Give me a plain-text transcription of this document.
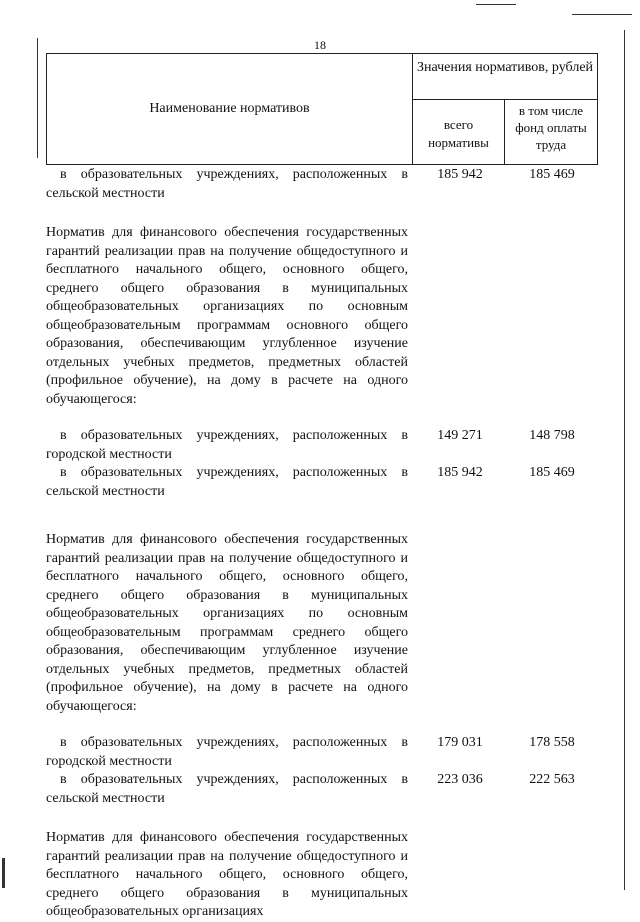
18
Наименование нормативов
Значения нормативов, рублей
всего нормативы
в том числе фонд оплаты труда
в образовательных учреждениях, расположенных в сельской местности
185 942	185 469
Норматив для финансового обеспечения государственных гарантий реализации прав на получение общедоступного и бесплатного начального общего, основного общего, среднего общего образования в муниципальных общеобразовательных организациях по основным общеобразовательным программам основного общего образования, обеспечивающим углубленное изучение отдельных учебных предметов, предметных областей (профильное обучение), на дому в расчете на одного обучающегося:
в образовательных учреждениях, расположенных в городской местности
149 271	148 798
в образовательных учреждениях, расположенных в сельской местности
185 942	185 469
Норматив для финансового обеспечения государственных гарантий реализации прав на получение общедоступного и бесплатного начального общего, основного общего, среднего общего образования в муниципальных общеобразовательных организациях по основным общеобразовательным программам среднего общего образования, обеспечивающим углубленное изучение отдельных учебных предметов, предметных областей (профильное обучение), на дому в расчете на одного обучающегося:
в образовательных учреждениях, расположенных в городской местности
179 031	178 558
в образовательных учреждениях, расположенных в сельской местности
223 036	222 563
Норматив для финансового обеспечения государственных гарантий реализации прав на получение общедоступного и бесплатного начального общего, основного общего, среднего общего образования в муниципальных общеобразовательных организациях
